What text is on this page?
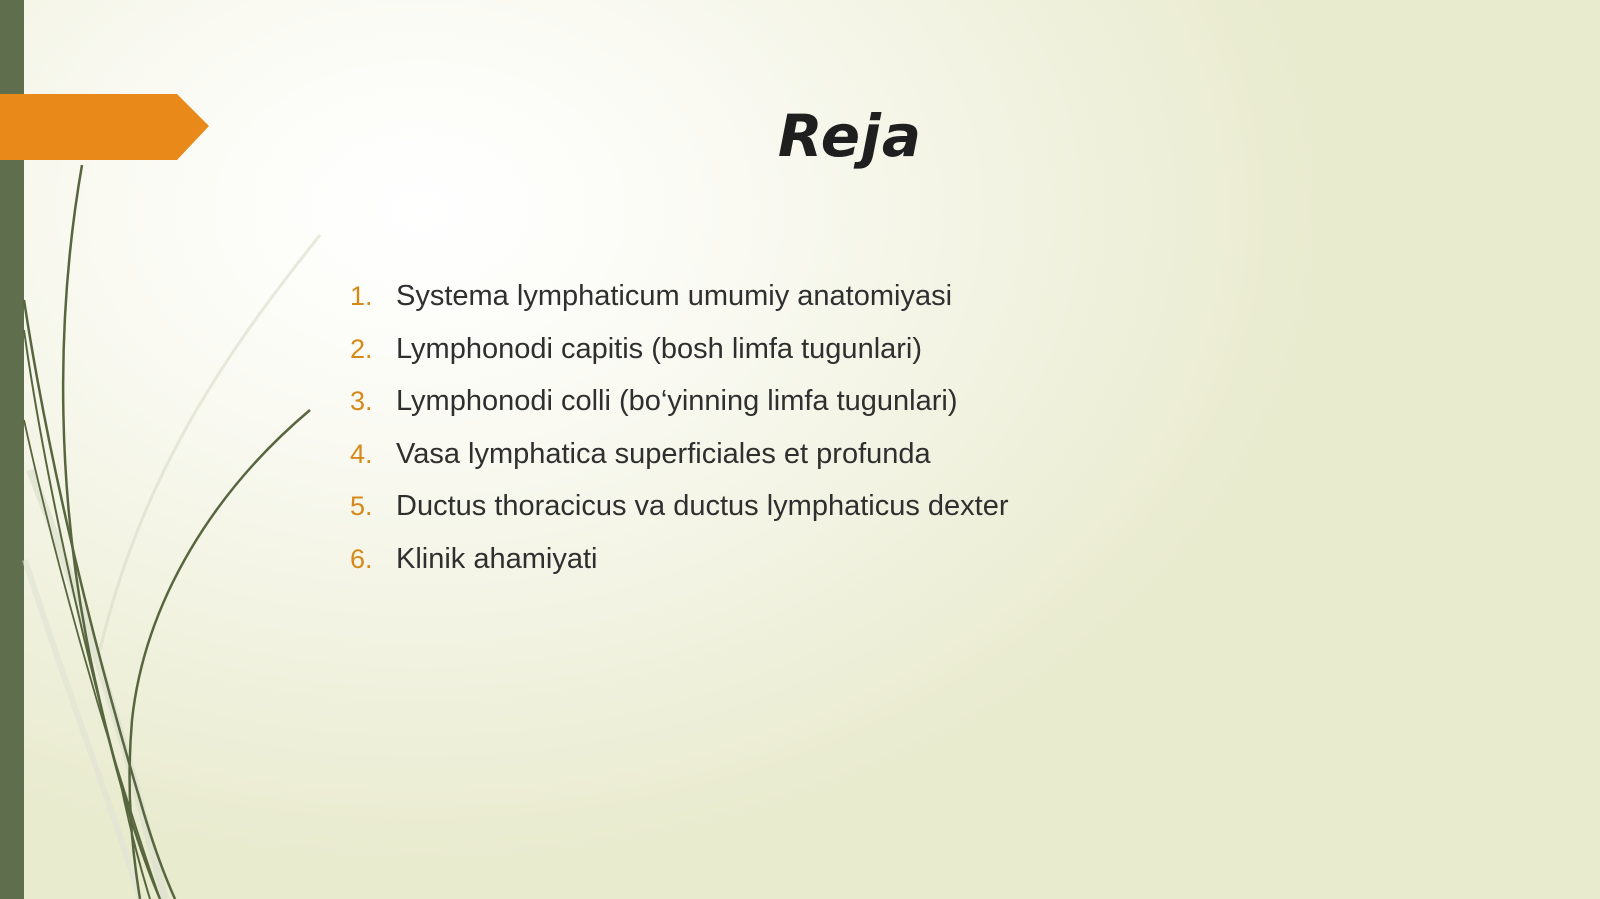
Reja
1. Systema lymphaticum umumiy anatomiyasi
2. Lymphonodi capitis (bosh limfa tugunlari)
3. Lymphonodi colli (bo‘yinning limfa tugunlari)
4. Vasa lymphatica superficiales et profunda
5. Ductus thoracicus va ductus lymphaticus dexter
6. Klinik ahamiyati
